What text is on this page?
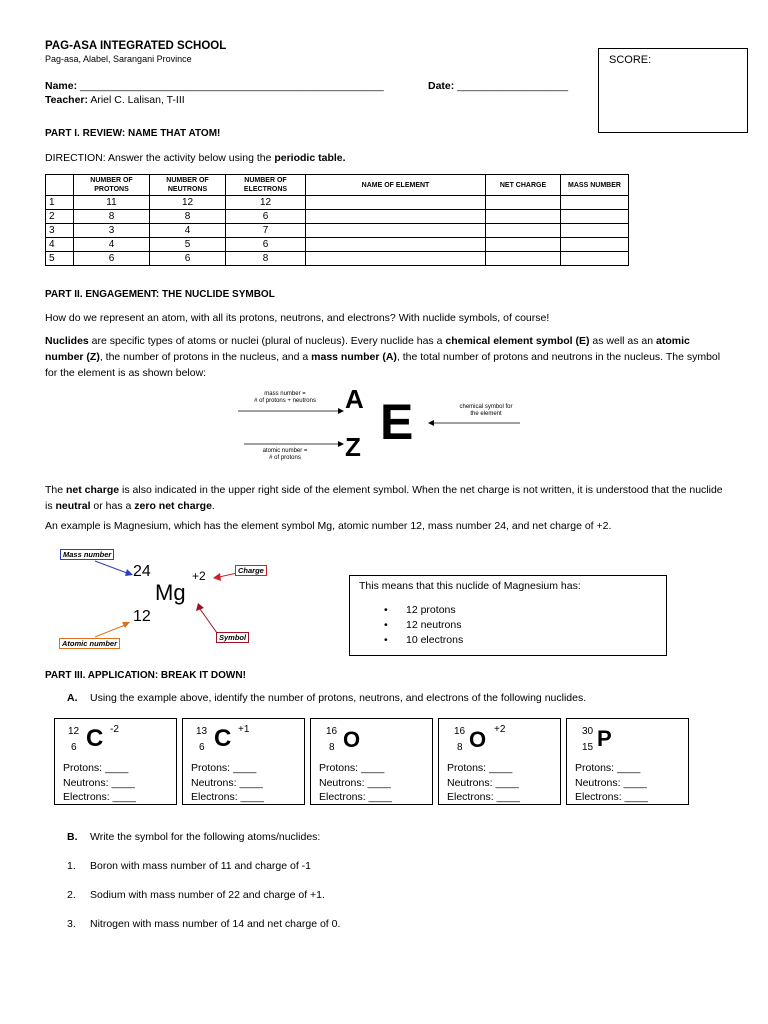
PAG-ASA INTEGRATED SCHOOL
Pag-asa, Alabel, Sarangani Province
Name: ____________________________________________________	Date: ___________________
Teacher: Ariel C. Lalisan, T-III
SCORE:
PART I. REVIEW: NAME THAT ATOM!
DIRECTION: Answer the activity below using the periodic table.
	NUMBER OF PROTONS	NUMBER OF NEUTRONS	NUMBER OF ELECTRONS	NAME OF ELEMENT	NET CHARGE	MASS NUMBER
1	11	12	12			
2	8	8	6			
3	3	4	7			
4	4	5	6			
5	6	6	8			
PART II. ENGAGEMENT: THE NUCLIDE SYMBOL
How do we represent an atom, with all its protons, neutrons, and electrons? With nuclide symbols, of course!
Nuclides are specific types of atoms or nuclei (plural of nucleus). Every nuclide has a chemical element symbol (E) as well as an atomic number (Z), the number of protons in the nucleus, and a mass number (A), the total number of protons and neutrons in the nucleus. The symbol for the element is as shown below:
mass number =
# of protons + neutrons
atomic number =
# of protons
A
Z E	chemical symbol for
the element
The net charge is also indicated in the upper right side of the element symbol. When the net charge is not written, it is understood that the nuclide is neutral or has a zero net charge.
An example is Magnesium, which has the element symbol Mg, atomic number 12, mass number 24, and net charge of +2.
Mass number
Atomic number
Charge
Symbol
24
12
+2
Mg	This means that this nuclide of Magnesium has:
• 12 protons
• 12 neutrons
• 10 electrons
PART III. APPLICATION: BREAK IT DOWN!
A. Using the example above, identify the number of protons, neutrons, and electrons of the following nuclides.
12
6 C -2
Protons: ____
Neutrons: ____
Electrons: ____
13
6 C +1
Protons: ____
Neutrons: ____
Electrons: ____
16
8 O
Protons: ____
Neutrons: ____
Electrons: ____
16
8 O +2
Protons: ____
Neutrons: ____
Electrons: ____
30
15 P
Protons: ____
Neutrons: ____
Electrons: ____
B. Write the symbol for the following atoms/nuclides:
1. Boron with mass number of 11 and charge of -1
2. Sodium with mass number of 22 and charge of +1.
3. Nitrogen with mass number of 14 and net charge of 0.
